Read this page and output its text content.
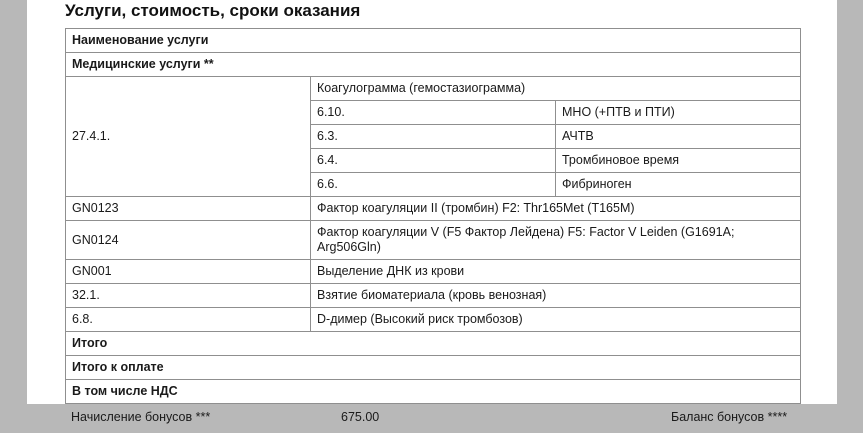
Услуги, стоимость, сроки оказания
Наименование услуги		
Медицинские услуги **		
27.4.1.	Коагулограмма (гемостазиограмма)	
	6.10.	МНО (+ПТВ и ПТИ)
	6.3.	АЧТВ
	6.4.	Тромбиновое время
	6.6.	Фибриноген
GN0123	Фактор коагуляции II (тромбин) F2: Thr165Met (T165M)	
GN0124	Фактор коагуляции V (F5 Фактор Лейдена) F5: Factor V Leiden (G1691A; Arg506Gln)	
GN001	Выделение ДНК из крови	
32.1.	Взятие биоматериала (кровь венозная)	
6.8.	D-димер (Высокий риск тромбозов)	
Итого		
Итого к оплате		
В том числе НДС		
Начисление бонусов ***	675.00	Баланс бонусов ****
